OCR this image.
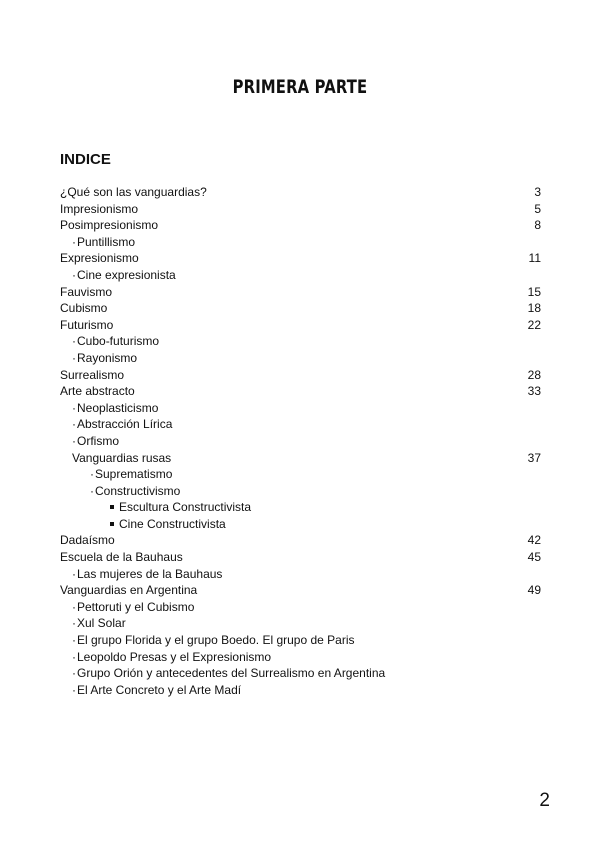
PRIMERA PARTE
INDICE
¿Qué son las vanguardias?	3
Impresionismo	5
Posimpresionismo	8
·Puntillismo
Expresionismo	11
·Cine expresionista
Fauvismo	15
Cubismo	18
Futurismo	22
·Cubo-futurismo
·Rayonismo
Surrealismo	28
Arte abstracto	33
·Neoplasticismo
·Abstracción Lírica
·Orfismo
Vanguardias rusas	37
·Suprematismo
·Constructivismo
Escultura Constructivista
Cine Constructivista
Dadaísmo	42
Escuela de la Bauhaus	45
·Las mujeres de la Bauhaus
Vanguardias en Argentina	49
·Pettoruti y el Cubismo
·Xul Solar
·El grupo Florida y el grupo Boedo. El grupo de Paris
·Leopoldo Presas y el Expresionismo
·Grupo Orión y antecedentes del Surrealismo en Argentina
·El Arte Concreto y el Arte Madí
2
